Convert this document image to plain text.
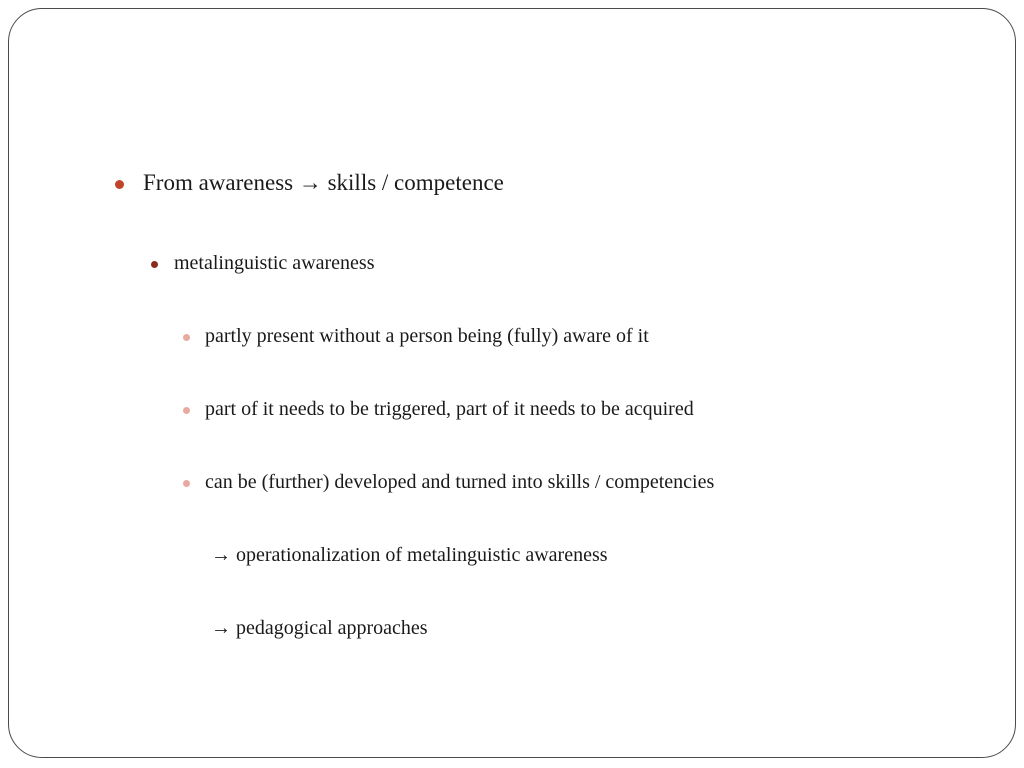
From awareness → skills / competence
metalinguistic awareness
partly present without a person being (fully) aware of it
part of it needs to be triggered, part of it needs to be acquired
can be (further) developed and turned into skills / competencies
→ operationalization of metalinguistic awareness
→ pedagogical approaches
